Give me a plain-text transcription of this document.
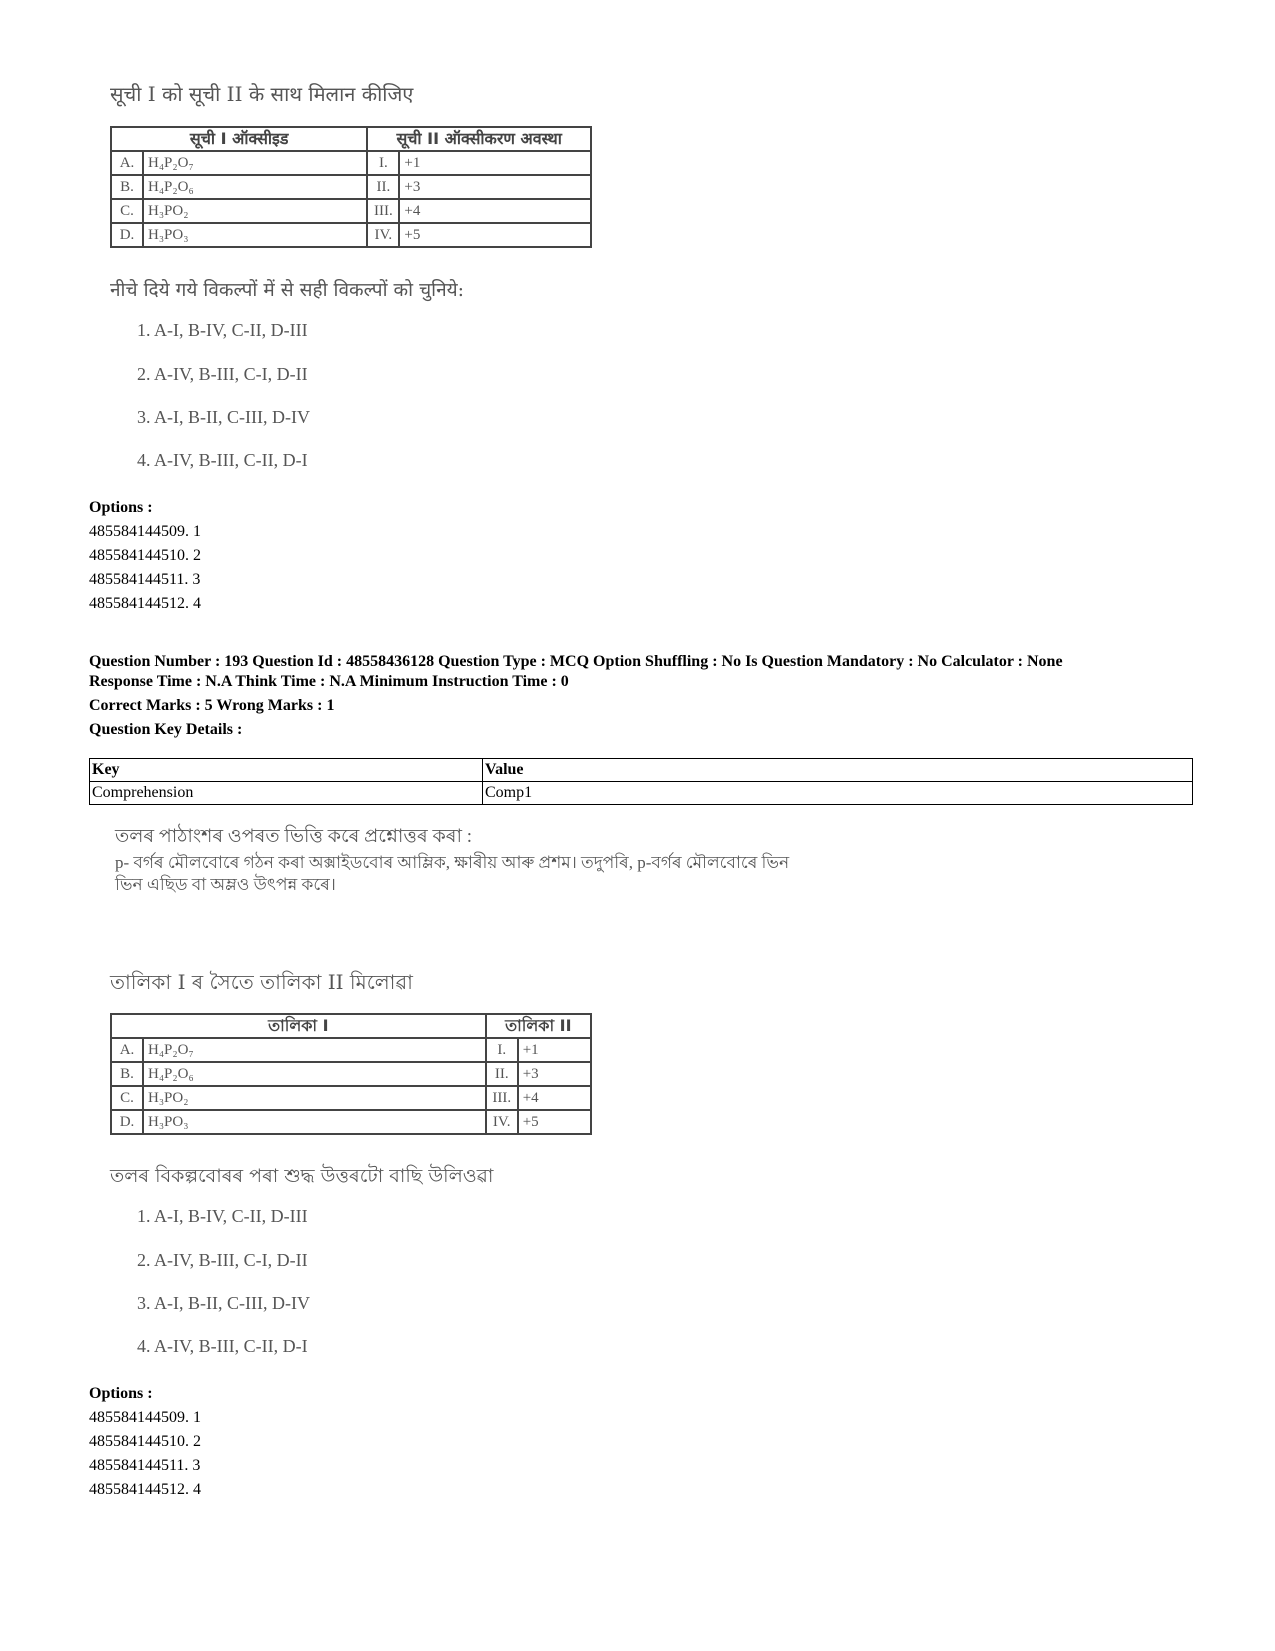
सूची I को सूची II के साथ मिलान कीजिए
सूची I ऑक्सीइड		सूची II ऑक्सीकरण अवस्था	
A.	H₄P₂O₇	I.	+1
B.	H₄P₂O₆	II.	+3
C.	H₃PO₂	III.	+4
D.	H₃PO₃	IV.	+5
नीचे दिये गये विकल्पों में से सही विकल्पों को चुनिये:
1. A-I, B-IV, C-II, D-III
2. A-IV, B-III, C-I, D-II
3. A-I, B-II, C-III, D-IV
4. A-IV, B-III, C-II, D-I
Options :
485584144509. 1
485584144510. 2
485584144511. 3
485584144512. 4
Question Number : 193 Question Id : 48558436128 Question Type : MCQ Option Shuffling : No Is Question Mandatory : No Calculator : None
Response Time : N.A Think Time : N.A Minimum Instruction Time : 0
Correct Marks : 5 Wrong Marks : 1
Question Key Details :
Key	Value
Comprehension	Comp1
তলৰ পাঠাংশৰ ওপৰত ভিত্তি কৰে প্ৰশ্নোত্তৰ কৰা :
p- বৰ্গৰ মৌলবোৰে গঠন কৰা অক্সাইডবোৰ আম্লিক, ক্ষাৰীয় আৰু প্ৰশম। তদুপৰি, p-বৰ্গৰ মৌলবোৰে ভিন
ভিন এছিড বা অম্লও উৎপন্ন কৰে।
তালিকা I ৰ সৈতে তালিকা II মিলোৱা
তালিকা I		তালিকা II	
A.	H₄P₂O₇	I.	+1
B.	H₄P₂O₆	II.	+3
C.	H₃PO₂	III.	+4
D.	H₃PO₃	IV.	+5
তলৰ বিকল্পবোৰৰ পৰা শুদ্ধ উত্তৰটো বাছি উলিওৱা
1. A-I, B-IV, C-II, D-III
2. A-IV, B-III, C-I, D-II
3. A-I, B-II, C-III, D-IV
4. A-IV, B-III, C-II, D-I
Options :
485584144509. 1
485584144510. 2
485584144511. 3
485584144512. 4
